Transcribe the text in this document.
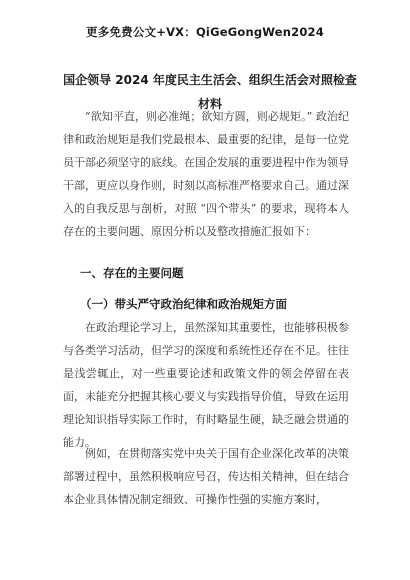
更多免费公文+VX：QiGeGongWen2024
国企领导 2024 年度民主生活会、组织生活会对照检查材料

“欲知平直，则必准绳；欲知方圆，则必规矩。” 政治纪律和政治规矩是我们党最根本、最重要的纪律，是每一位党员干部必须坚守的底线。在国企发展的重要进程中作为领导干部，更应以身作则，时刻以高标准严格要求自己。通过深入的自我反思与剖析，对照 “四个带头” 的要求，现将本人存在的主要问题、原因分析以及整改措施汇报如下：

一、存在的主要问题
（一）带头严守政治纪律和政治规矩方面

在政治理论学习上，虽然深知其重要性，也能够积极参与各类学习活动，但学习的深度和系统性还存在不足。往往是浅尝辄止，对一些重要论述和政策文件的领会停留在表面，未能充分把握其核心要义与实践指导价值，导致在运用理论知识指导实际工作时，有时略显生硬，缺乏融会贯通的能力。

例如，在贯彻落实党中央关于国有企业深化改革的决策部署过程中，虽然积极响应号召，传达相关精神，但在结合本企业具体情况制定细致、可操作性强的实施方案时，
